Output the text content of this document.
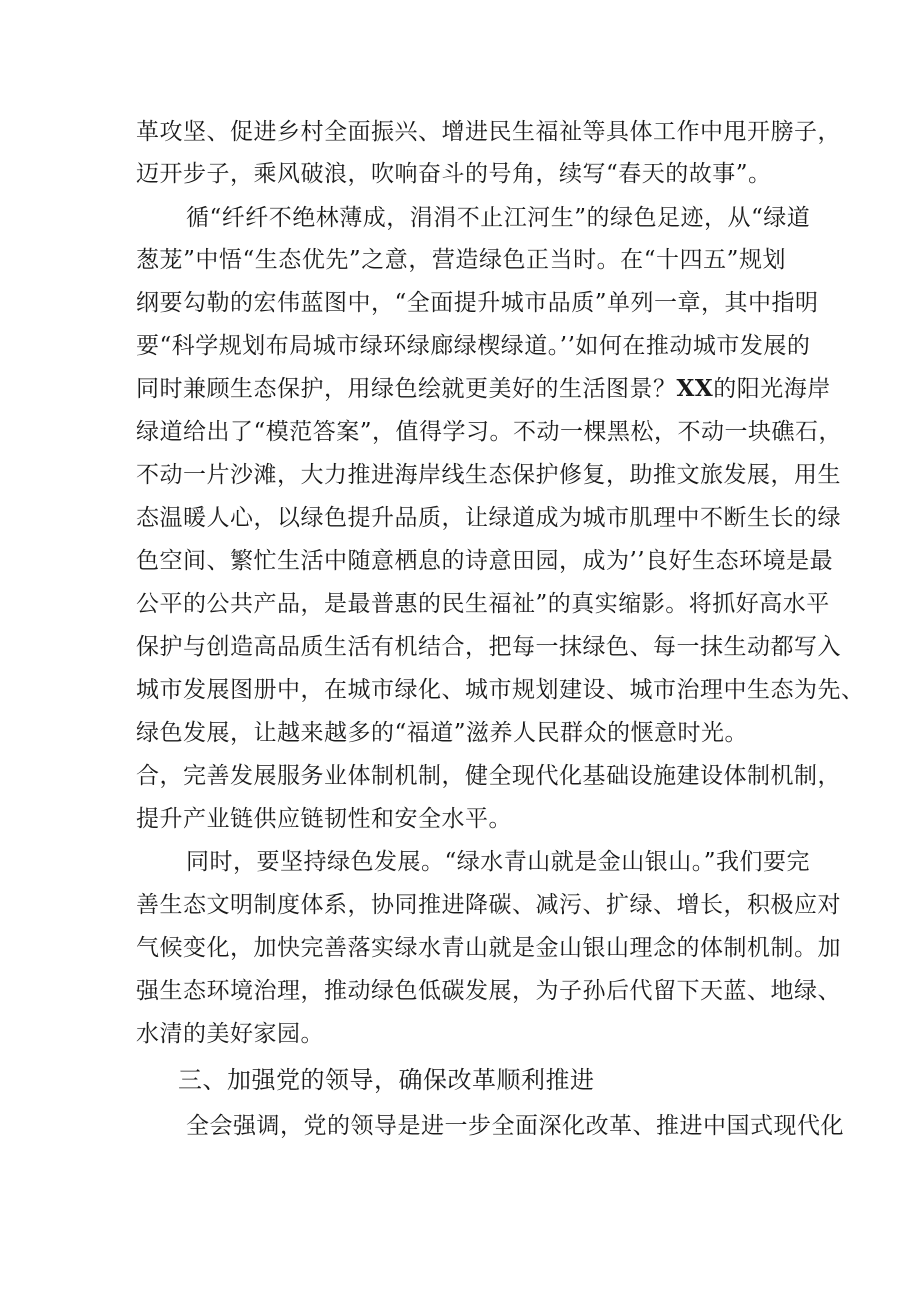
革攻坚、促进乡村全面振兴、增进民生福祉等具体工作中甩开膀子，
迈开步子，乘风破浪，吹响奋斗的号角，续写“春天的故事”。
循“纤纤不绝林薄成，涓涓不止江河生”的绿色足迹，从“绿道
葱茏”中悟“生态优先”之意，营造绿色正当时。在“十四五”规划
纲要勾勒的宏伟蓝图中，“全面提升城市品质”单列一章，其中指明
要“科学规划布局城市绿环绿廊绿楔绿道。’’如何在推动城市发展的
同时兼顾生态保护，用绿色绘就更美好的生活图景？XX的阳光海岸
绿道给出了“模范答案”，值得学习。不动一棵黑松，不动一块礁石，
不动一片沙滩，大力推进海岸线生态保护修复，助推文旅发展，用生
态温暖人心，以绿色提升品质，让绿道成为城市肌理中不断生长的绿
色空间、繁忙生活中随意栖息的诗意田园，成为’’良好生态环境是最
公平的公共产品，是最普惠的民生福祉”的真实缩影。将抓好高水平
保护与创造高品质生活有机结合，把每一抹绿色、每一抹生动都写入
城市发展图册中，在城市绿化、城市规划建设、城市治理中生态为先、
绿色发展，让越来越多的“福道”滋养人民群众的惬意时光。
合，完善发展服务业体制机制，健全现代化基础设施建设体制机制，
提升产业链供应链韧性和安全水平。
同时，要坚持绿色发展。“绿水青山就是金山银山。”我们要完
善生态文明制度体系，协同推进降碳、减污、扩绿、增长，积极应对
气候变化，加快完善落实绿水青山就是金山银山理念的体制机制。加
强生态环境治理，推动绿色低碳发展，为子孙后代留下天蓝、地绿、
水清的美好家园。
三、加强党的领导，确保改革顺利推进
全会强调，党的领导是进一步全面深化改革、推进中国式现代化
